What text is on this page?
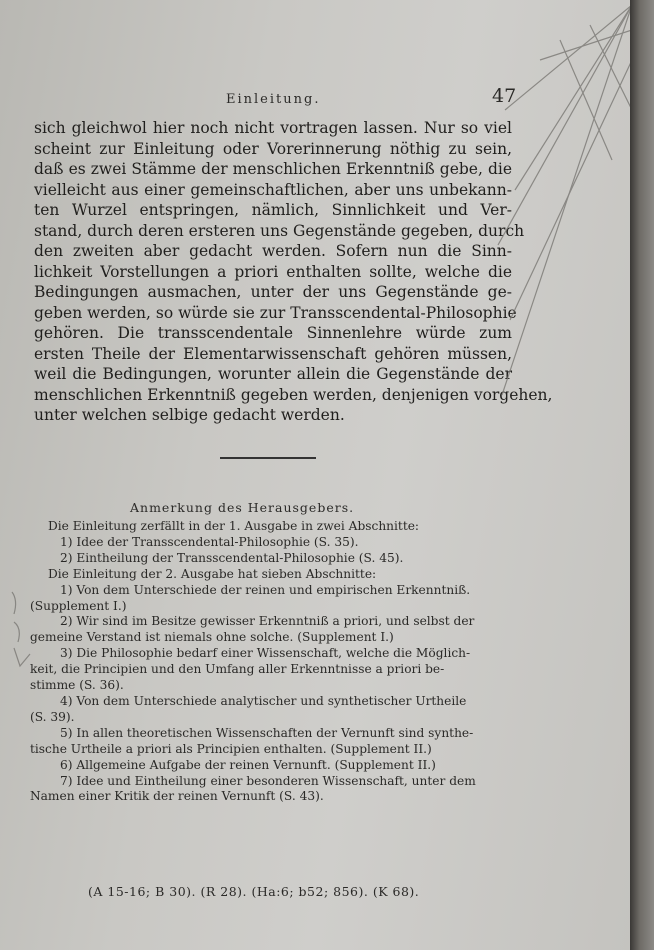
Einleitung.	47
sich gleichwol hier noch nicht vortragen lassen. Nur so viel
scheint zur Einleitung oder Vorerinnerung nöthig zu sein,
daß es zwei Stämme der menschlichen Erkenntniß gebe, die
vielleicht aus einer gemeinschaftlichen, aber uns unbekann-
ten Wurzel entspringen, nämlich, Sinnlichkeit und Ver-
stand, durch deren ersteren uns Gegenstände gegeben, durch
den zweiten aber gedacht werden. Sofern nun die Sinn-
lichkeit Vorstellungen a priori enthalten sollte, welche die
Bedingungen ausmachen, unter der uns Gegenstände ge-
geben werden, so würde sie zur Transscendental-Philosophie
gehören. Die transscendentale Sinnenlehre würde zum
ersten Theile der Elementarwissenschaft gehören müssen,
weil die Bedingungen, worunter allein die Gegenstände der
menschlichen Erkenntniß gegeben werden, denjenigen vorgehen,
unter welchen selbige gedacht werden.
Anmerkung des Herausgebers.
Die Einleitung zerfällt in der 1. Ausgabe in zwei Abschnitte:
1) Idee der Transscendental-Philosophie (S. 35).
2) Eintheilung der Transscendental-Philosophie (S. 45).
Die Einleitung der 2. Ausgabe hat sieben Abschnitte:
1) Von dem Unterschiede der reinen und empirischen Erkenntniß.
(Supplement I.)
2) Wir sind im Besitze gewisser Erkenntniß a priori, und selbst der
gemeine Verstand ist niemals ohne solche. (Supplement I.)
3) Die Philosophie bedarf einer Wissenschaft, welche die Möglich-
keit, die Principien und den Umfang aller Erkenntnisse a priori be-
stimme (S. 36).
4) Von dem Unterschiede analytischer und synthetischer Urtheile
(S. 39).
5) In allen theoretischen Wissenschaften der Vernunft sind synthe-
tische Urtheile a priori als Principien enthalten. (Supplement II.)
6) Allgemeine Aufgabe der reinen Vernunft. (Supplement II.)
7) Idee und Eintheilung einer besonderen Wissenschaft, unter dem
Namen einer Kritik der reinen Vernunft (S. 43).
(A 15-16; B 30). (R 28). (Ha:6; b52; 856). (K 68).
